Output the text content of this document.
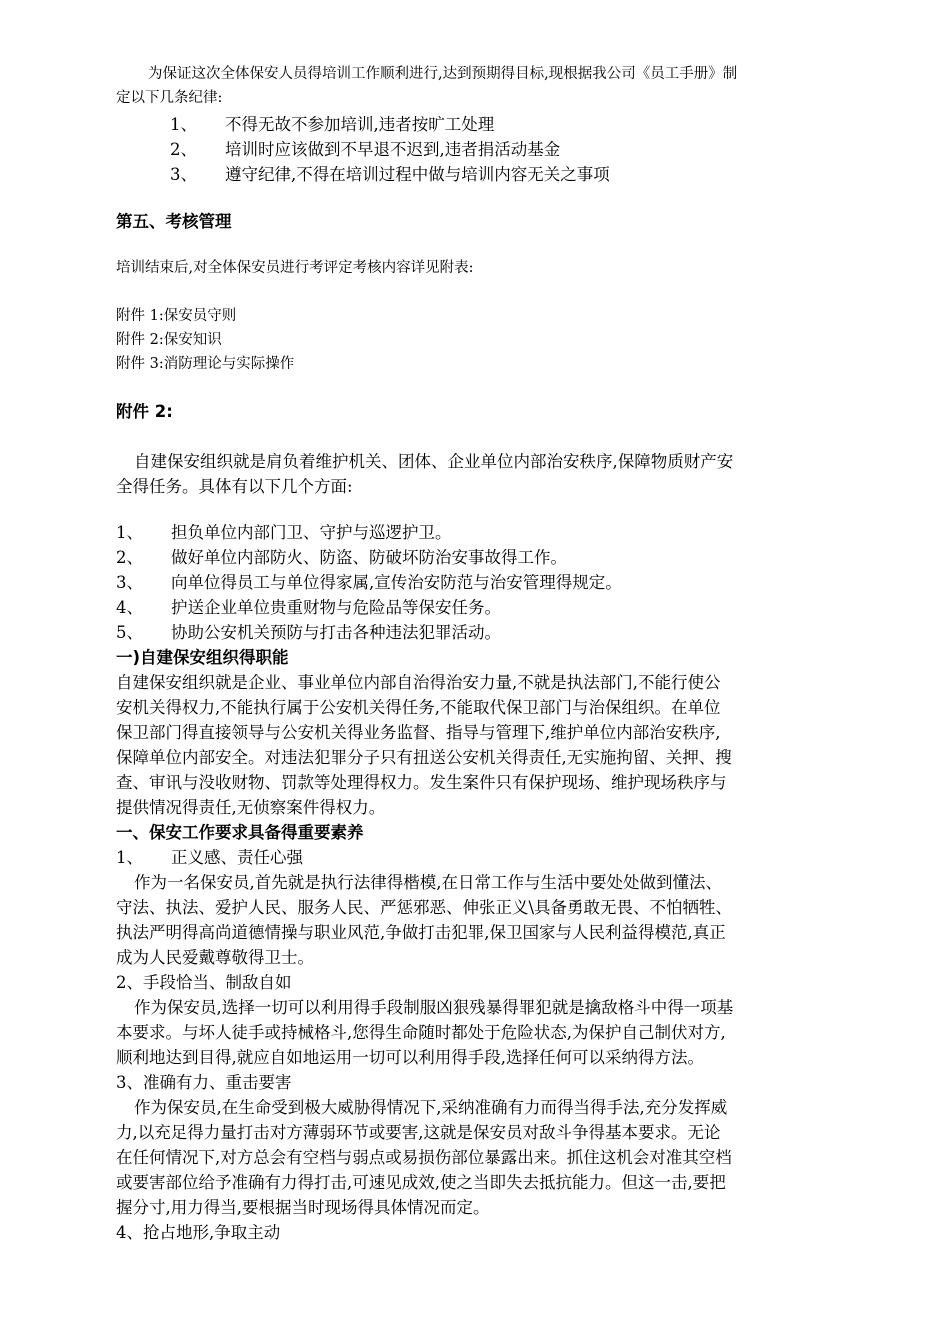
为保证这次全体保安人员得培训工作顺利进行,达到预期得目标,现根据我公司《员工手册》制
定以下几条纪律:
1、 不得无故不参加培训,违者按旷工处理
2、 培训时应该做到不早退不迟到,违者捐活动基金
3、 遵守纪律,不得在培训过程中做与培训内容无关之事项
第五、考核管理
培训结束后,对全体保安员进行考评定考核内容详见附表:
附件 1:保安员守则
附件 2:保安知识
附件 3:消防理论与实际操作
附件 2:
自建保安组织就是肩负着维护机关、团体、企业单位内部治安秩序,保障物质财产安
全得任务。具体有以下几个方面:
1、 担负单位内部门卫、守护与巡逻护卫。
2、 做好单位内部防火、防盗、防破坏防治安事故得工作。
3、 向单位得员工与单位得家属,宣传治安防范与治安管理得规定。
4、 护送企业单位贵重财物与危险品等保安任务。
5、 协助公安机关预防与打击各种违法犯罪活动。
一)自建保安组织得职能
自建保安组织就是企业、事业单位内部自治得治安力量,不就是执法部门,不能行使公
安机关得权力,不能执行属于公安机关得任务,不能取代保卫部门与治保组织。在单位
保卫部门得直接领导与公安机关得业务监督、指导与管理下,维护单位内部治安秩序,
保障单位内部安全。对违法犯罪分子只有扭送公安机关得责任,无实施拘留、关押、搜
查、审讯与没收财物、罚款等处理得权力。发生案件只有保护现场、维护现场秩序与
提供情况得责任,无侦察案件得权力。
一、保安工作要求具备得重要素养
1、 正义感、责任心强
作为一名保安员,首先就是执行法律得楷模,在日常工作与生活中要处处做到懂法、
守法、执法、爱护人民、服务人民、严惩邪恶、伸张正义\具备勇敢无畏、不怕牺牲、
执法严明得高尚道德情操与职业风范,争做打击犯罪,保卫国家与人民利益得模范,真正
成为人民爱戴尊敬得卫士。
2、手段恰当、制敌自如
作为保安员,选择一切可以利用得手段制服凶狠残暴得罪犯就是擒敌格斗中得一项基
本要求。与坏人徒手或持械格斗,您得生命随时都处于危险状态,为保护自己制伏对方,
顺利地达到目得,就应自如地运用一切可以利用得手段,选择任何可以采纳得方法。
3、准确有力、重击要害
作为保安员,在生命受到极大威胁得情况下,采纳准确有力而得当得手法,充分发挥威
力,以充足得力量打击对方薄弱环节或要害,这就是保安员对敌斗争得基本要求。无论
在任何情况下,对方总会有空档与弱点或易损伤部位暴露出来。抓住这机会对准其空档
或要害部位给予准确有力得打击,可速见成效,使之当即失去抵抗能力。但这一击,要把
握分寸,用力得当,要根据当时现场得具体情况而定。
4、抢占地形,争取主动
